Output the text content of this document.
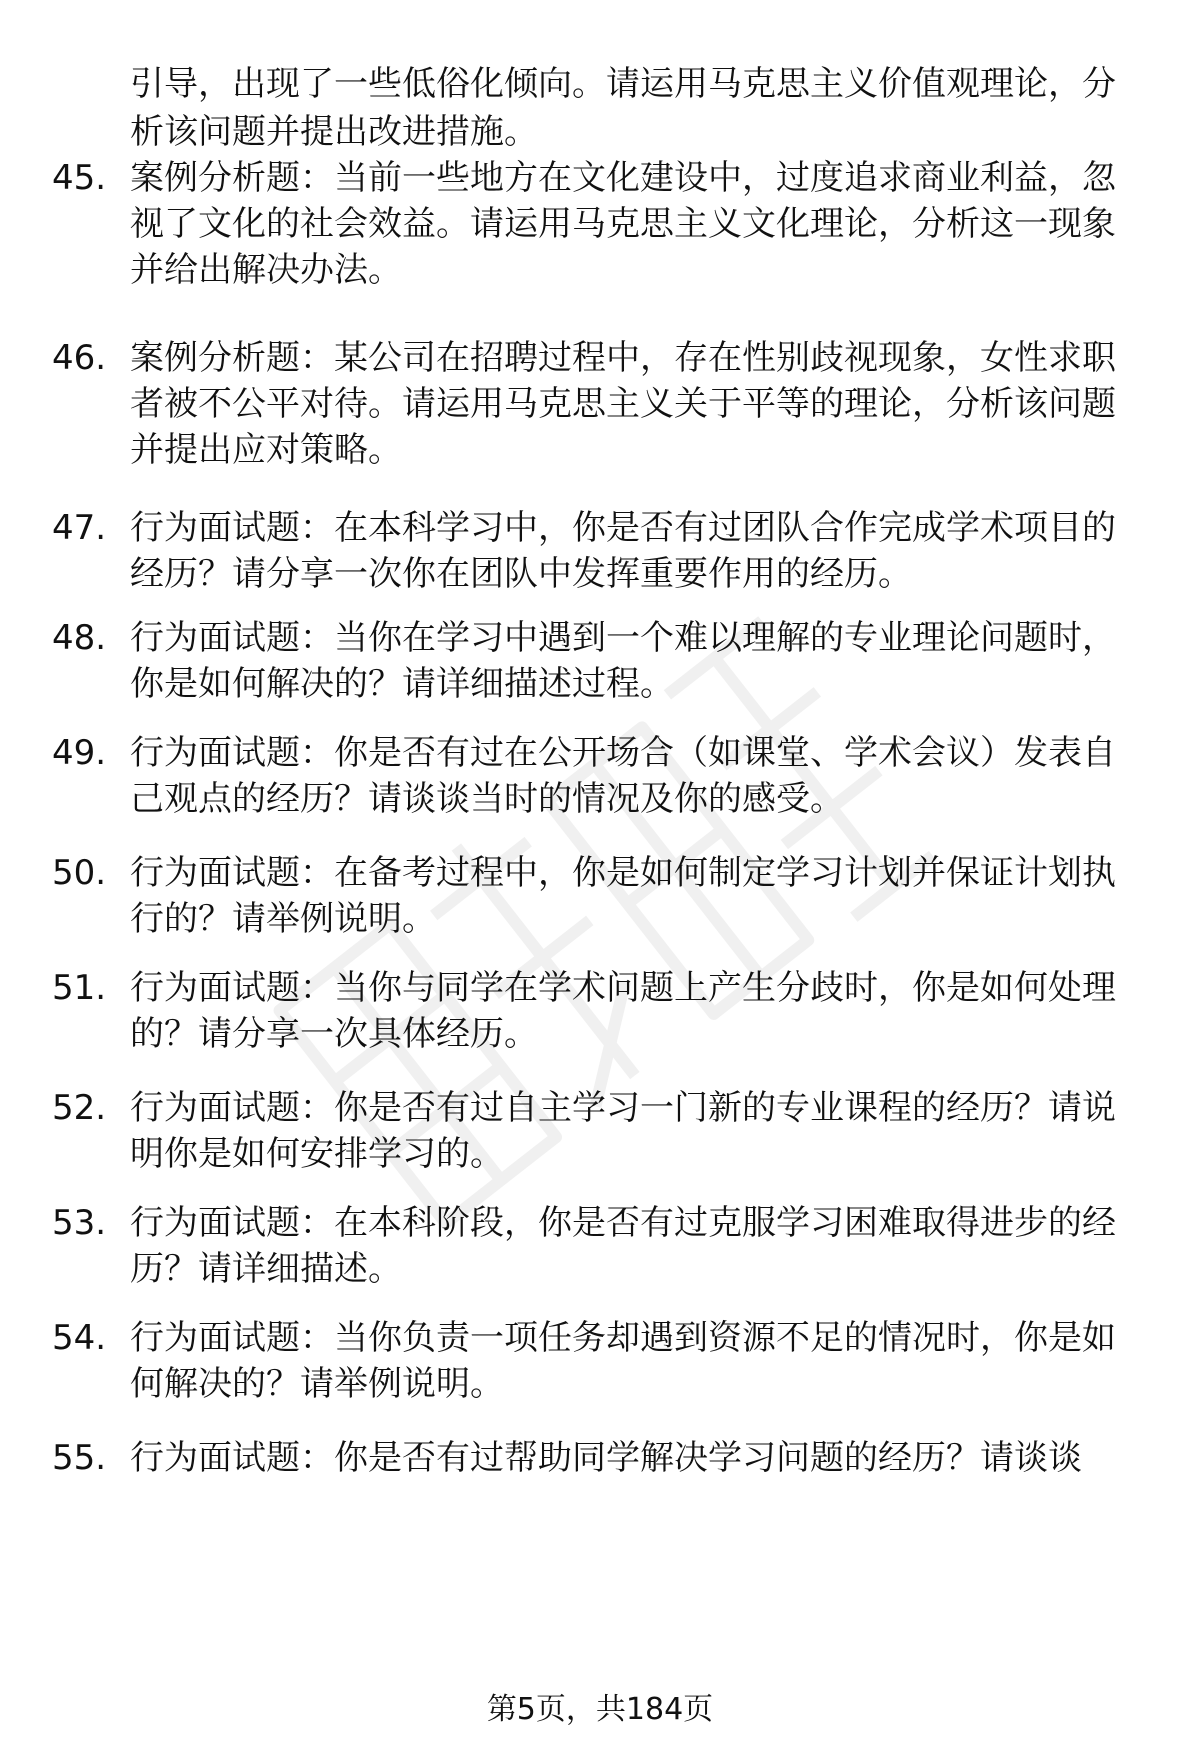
引导，出现了一些低俗化倾向。请运用马克思主义价值观理论，分析该问题并提出改进措施。
45. 案例分析题：当前一些地方在文化建设中，过度追求商业利益，忽视了文化的社会效益。请运用马克思主义文化理论，分析这一现象并给出解决办法。
46. 案例分析题：某公司在招聘过程中，存在性别歧视现象，女性求职者被不公平对待。请运用马克思主义关于平等的理论，分析该问题并提出应对策略。
47. 行为面试题：在本科学习中，你是否有过团队合作完成学术项目的经历？请分享一次你在团队中发挥重要作用的经历。
48. 行为面试题：当你在学习中遇到一个难以理解的专业理论问题时，你是如何解决的？请详细描述过程。
49. 行为面试题：你是否有过在公开场合（如课堂、学术会议）发表自己观点的经历？请谈谈当时的情况及你的感受。
50. 行为面试题：在备考过程中，你是如何制定学习计划并保证计划执行的？请举例说明。
51. 行为面试题：当你与同学在学术问题上产生分歧时，你是如何处理的？请分享一次具体经历。
52. 行为面试题：你是否有过自主学习一门新的专业课程的经历？请说明你是如何安排学习的。
53. 行为面试题：在本科阶段，你是否有过克服学习困难取得进步的经历？请详细描述。
54. 行为面试题：当你负责一项任务却遇到资源不足的情况时，你是如何解决的？请举例说明。
55. 行为面试题：你是否有过帮助同学解决学习问题的经历？请谈谈
第5页，共184页
